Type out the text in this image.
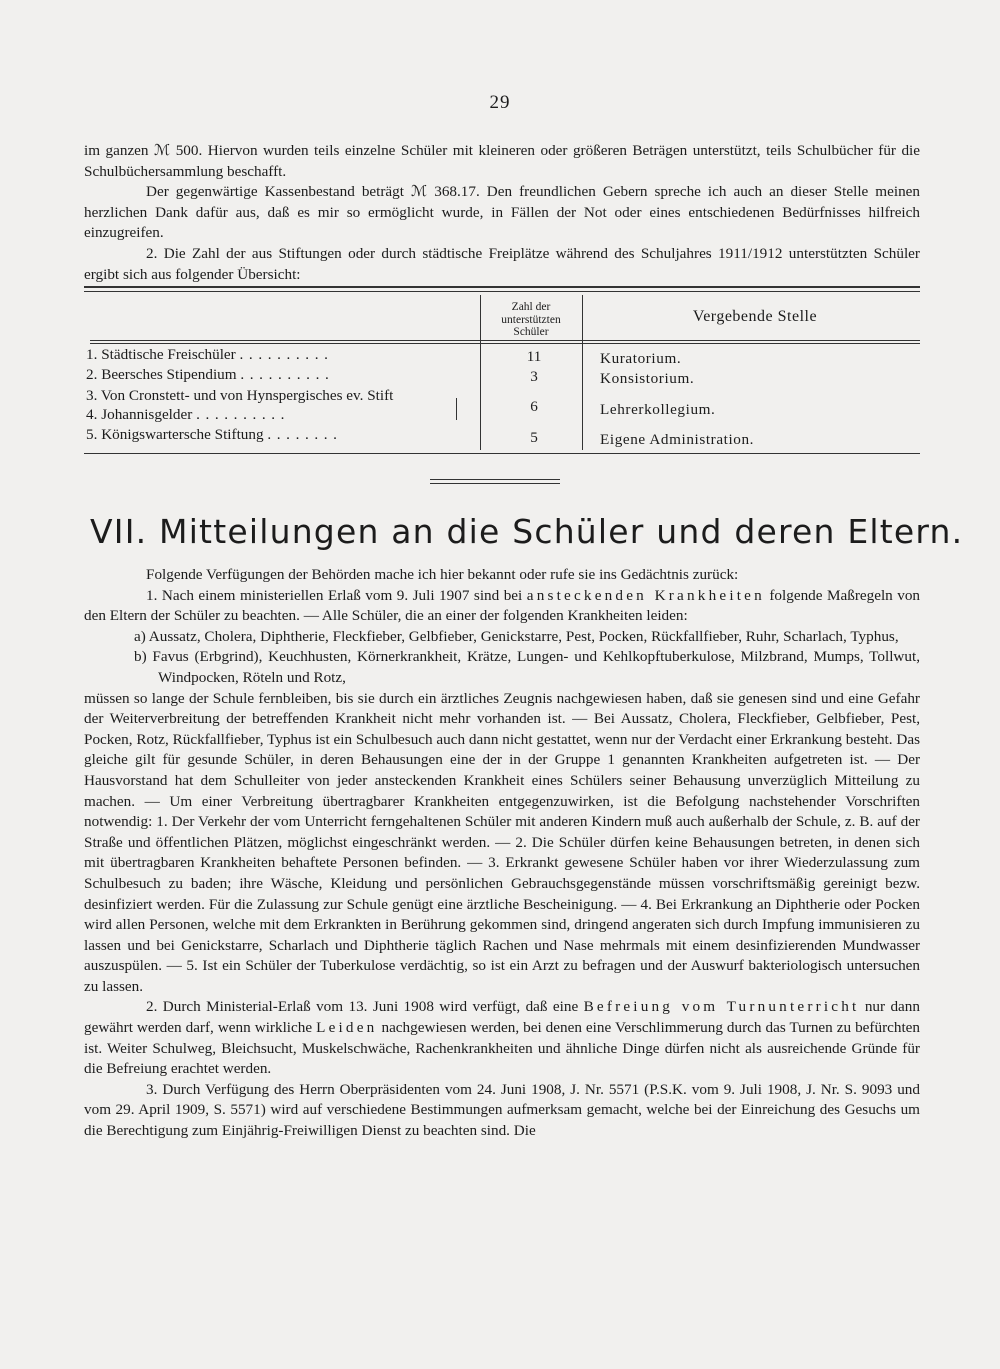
29

im ganzen ℳ 500. Hiervon wurden teils einzelne Schüler mit kleineren oder größeren Beträgen unterstützt, teils Schulbücher für die Schulbüchersammlung beschafft.

Der gegenwärtige Kassenbestand beträgt ℳ 368.17. Den freundlichen Gebern spreche ich auch an dieser Stelle meinen herzlichen Dank dafür aus, daß es mir so ermöglicht wurde, in Fällen der Not oder eines entschiedenen Bedürfnisses hilfreich einzugreifen.

2. Die Zahl der aus Stiftungen oder durch städtische Freiplätze während des Schuljahres 1911/1912 unterstützten Schüler ergibt sich aus folgender Übersicht:

Zahl der
unterstützten
Schüler
Vergebende Stelle
1. Städtische Freischüler ..........	11	Kuratorium.
2. Beersches Stipendium ..........	3	Konsistorium.
3. Von Cronstett- und von Hynspergisches ev. Stift
4. Johannisgelder ..........	6	Lehrerkollegium.
5. Königswartersche Stiftung ........	5	Eigene Administration.
VII. Mitteilungen an die Schüler und deren Eltern.

Folgende Verfügungen der Behörden mache ich hier bekannt oder rufe sie ins Gedächtnis zurück:

1. Nach einem ministeriellen Erlaß vom 9. Juli 1907 sind bei ansteckenden Krankheiten folgende Maßregeln von den Eltern der Schüler zu beachten. — Alle Schüler, die an einer der folgenden Krankheiten leiden:

a) Aussatz, Cholera, Diphtherie, Fleckfieber, Gelbfieber, Genickstarre, Pest, Pocken, Rückfallfieber, Ruhr, Scharlach, Typhus,

b) Favus (Erbgrind), Keuchhusten, Körnerkrankheit, Krätze, Lungen- und Kehlkopftuberkulose, Milzbrand, Mumps, Tollwut, Windpocken, Röteln und Rotz,

müssen so lange der Schule fernbleiben, bis sie durch ein ärztliches Zeugnis nachgewiesen haben, daß sie genesen sind und eine Gefahr der Weiterverbreitung der betreffenden Krankheit nicht mehr vorhanden ist. — Bei Aussatz, Cholera, Fleckfieber, Gelbfieber, Pest, Pocken, Rotz, Rückfallfieber, Typhus ist ein Schulbesuch auch dann nicht gestattet, wenn nur der Verdacht einer Erkrankung besteht. Das gleiche gilt für gesunde Schüler, in deren Behausungen eine der in der Gruppe 1 genannten Krankheiten aufgetreten ist. — Der Hausvorstand hat dem Schulleiter von jeder ansteckenden Krankheit eines Schülers seiner Behausung unverzüglich Mitteilung zu machen. — Um einer Verbreitung übertragbarer Krankheiten entgegenzuwirken, ist die Befolgung nachstehender Vorschriften notwendig: 1. Der Verkehr der vom Unterricht ferngehaltenen Schüler mit anderen Kindern muß auch außerhalb der Schule, z. B. auf der Straße und öffentlichen Plätzen, möglichst eingeschränkt werden. — 2. Die Schüler dürfen keine Behausungen betreten, in denen sich mit übertragbaren Krankheiten behaftete Personen befinden. — 3. Erkrankt gewesene Schüler haben vor ihrer Wiederzulassung zum Schulbesuch zu baden; ihre Wäsche, Kleidung und persönlichen Gebrauchsgegenstände müssen vorschriftsmäßig gereinigt bezw. desinfiziert werden. Für die Zulassung zur Schule genügt eine ärztliche Bescheinigung. — 4. Bei Erkrankung an Diphtherie oder Pocken wird allen Personen, welche mit dem Erkrankten in Berührung gekommen sind, dringend angeraten sich durch Impfung immunisieren zu lassen und bei Genickstarre, Scharlach und Diphtherie täglich Rachen und Nase mehrmals mit einem desinfizierenden Mundwasser auszuspülen. — 5. Ist ein Schüler der Tuberkulose verdächtig, so ist ein Arzt zu befragen und der Auswurf bakteriologisch untersuchen zu lassen.

2. Durch Ministerial-Erlaß vom 13. Juni 1908 wird verfügt, daß eine Befreiung vom Turnunterricht nur dann gewährt werden darf, wenn wirkliche Leiden nachgewiesen werden, bei denen eine Verschlimmerung durch das Turnen zu befürchten ist. Weiter Schulweg, Bleichsucht, Muskelschwäche, Rachenkrankheiten und ähnliche Dinge dürfen nicht als ausreichende Gründe für die Befreiung erachtet werden.

3. Durch Verfügung des Herrn Oberpräsidenten vom 24. Juni 1908, J. Nr. 5571 (P.S.K. vom 9. Juli 1908, J. Nr. S. 9093 und vom 29. April 1909, S. 5571) wird auf verschiedene Bestimmungen aufmerksam gemacht, welche bei der Einreichung des Gesuchs um die Berechtigung zum Einjährig-Freiwilligen Dienst zu beachten sind. Die
